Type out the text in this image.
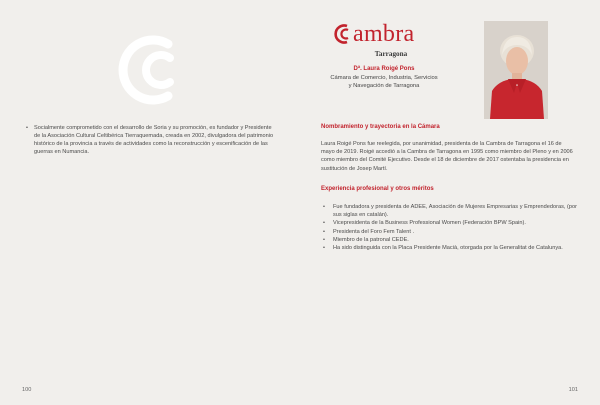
• Socialmente comprometido con el desarrollo de Soria y su promoción, es fundador y Presidente de la Asociación Cultural Celtibérica Tierraquemada, creada en 2002, divulgadora del patrimonio histórico de la provincia a través de actividades como la reconstrucción y escenificación de las guerras en Numancia.
100
ambra
Tarragona
Dª. Laura Roigé Pons
Cámara de Comercio, Industria, Servicios
y Navegación de Tarragona
Nombramiento y trayectoria en la Cámara

Laura Roigé Pons fue reelegida, por unanimidad, presidenta de la Cambra de Tarragona el 16 de mayo de 2019. Roigé accedió a la Cambra de Tarragona en 1995 como miembro del Pleno y en 2006 como miembro del Comité Ejecutivo. Desde el 18 de diciembre de 2017 ostentaba la presidencia en sustitución de Josep Martí.

Experiencia profesional y otros méritos
• Fue fundadora y presidenta de ADEE, Asociación de Mujeres Empresarias y Emprendedoras, (por sus siglas en catalán).
• Vicepresidenta de la Business Professional Women (Federación BPW Spain).
• Presidenta del Foro Fem Talent .
• Miembro de la patronal CEDE.
• Ha sido distinguida con la Placa Presidente Macià, otorgada por la Generalitat de Catalunya.
101
